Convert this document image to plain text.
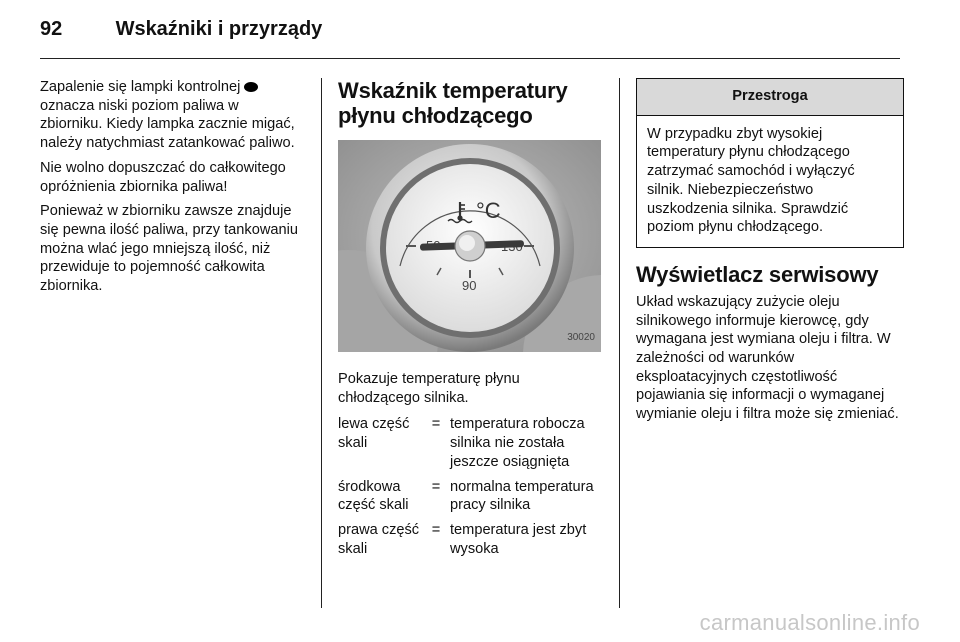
92	Wskaźniki i przyrządy

Zapalenie się lampki kontrolnej  oznacza niski poziom paliwa w zbiorniku. Kiedy lampka zacznie migać, należy natychmiast zatankować paliwo.

Nie wolno dopuszczać do całkowitego opróżnienia zbiornika paliwa!

Ponieważ w zbiorniku zawsze znajduje się pewna ilość paliwa, przy tankowaniu można wlać jego mniejszą ilość, niż przewiduje to pojemność całkowita zbiornika.

Wskaźnik temperatury płynu chłodzącego
90
°C
30020

Pokazuje temperaturę płynu chłodzącego silnika.

lewa część skali
= temperatura robocza silnika nie została jeszcze osiągnięta
środkowa część skali
= normalna temperatura pracy silnika
prawa część skali
= temperatura jest zbyt wysoka
Przestroga
W przypadku zbyt wysokiej temperatury płynu chłodzącego zatrzymać samochód i wyłączyć silnik. Niebezpieczeństwo uszkodzenia silnika. Sprawdzić poziom płynu chłodzącego.
Wyświetlacz serwisowy

Układ wskazujący zużycie oleju silnikowego informuje kierowcę, gdy wymagana jest wymiana oleju i filtra. W zależności od warunków eksploatacyjnych częstotliwość pojawiania się informacji o wymaganej wymianie oleju i filtra może się zmieniać.

carmanualsonline.info
